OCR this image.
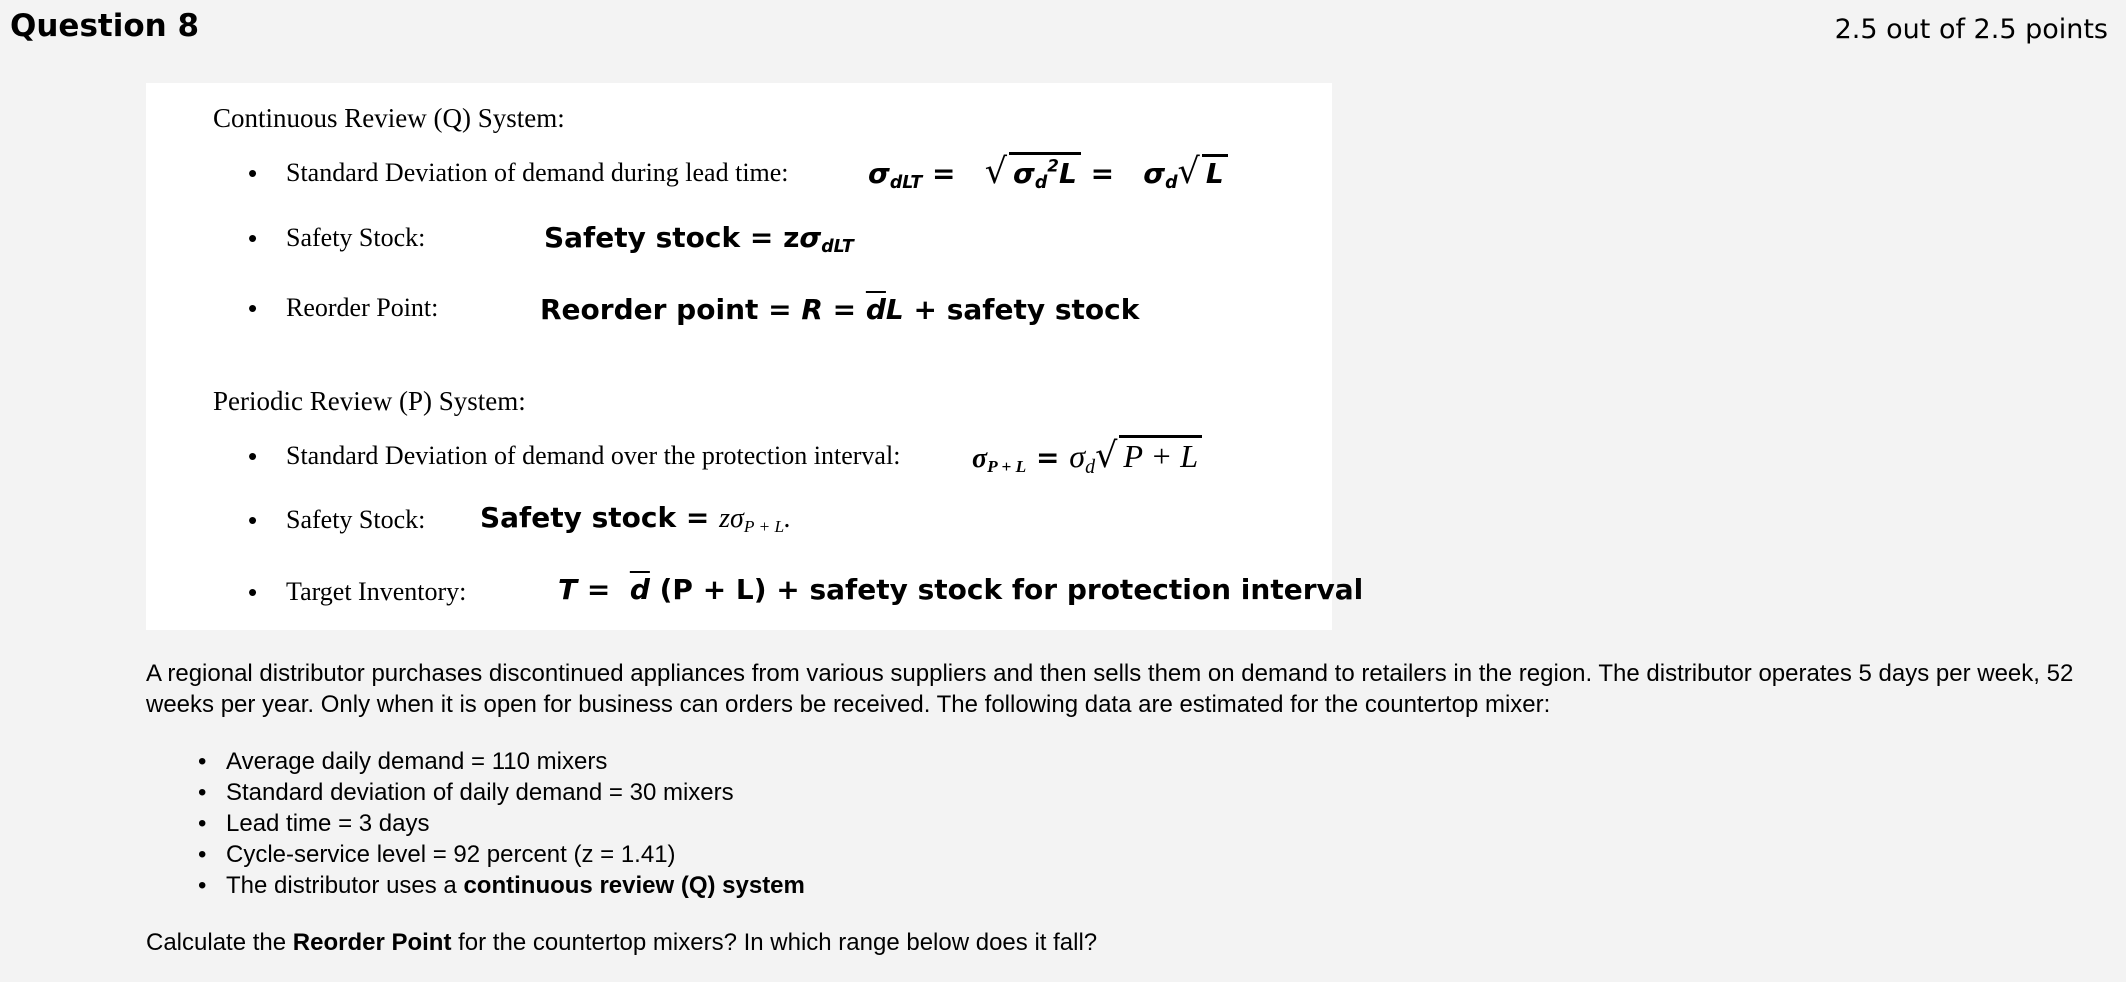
Question 8	2.5 out of 2.5 points
Continuous Review (Q) System:
• Standard Deviation of demand during lead time:	$\sigma_{dLT}$ =   √ $\sigma_d^2L = \sigma_d√$ L
• Safety Stock:	Safety stock = $z\sigma_{dLT}$
• Reorder Point:	Reorder point = $R = \overline{d}L$ + safety stock
Periodic Review (P) System:
• Standard Deviation of demand over the protection interval:	$\sigma_{P + L} = \sigma_d√$ P + L
• Safety Stock: Safety stock = $z\sigma_{P + L}$.
• Target Inventory:	$T = \overline{d}$ (P + L) + safety stock for protection interval

A regional distributor purchases discontinued appliances from various suppliers and then sells them on demand to retailers in the region. The distributor operates 5 days per week, 52 weeks per year. Only when it is open for business can orders be received. The following data are estimated for the countertop mixer:

• Average daily demand = 110 mixers
• Standard deviation of daily demand = 30 mixers
• Lead time = 3 days
• Cycle-service level = 92 percent (z = 1.41)
• The distributor uses a continuous review (Q) system
Calculate the Reorder Point for the countertop mixers? In which range below does it fall?
